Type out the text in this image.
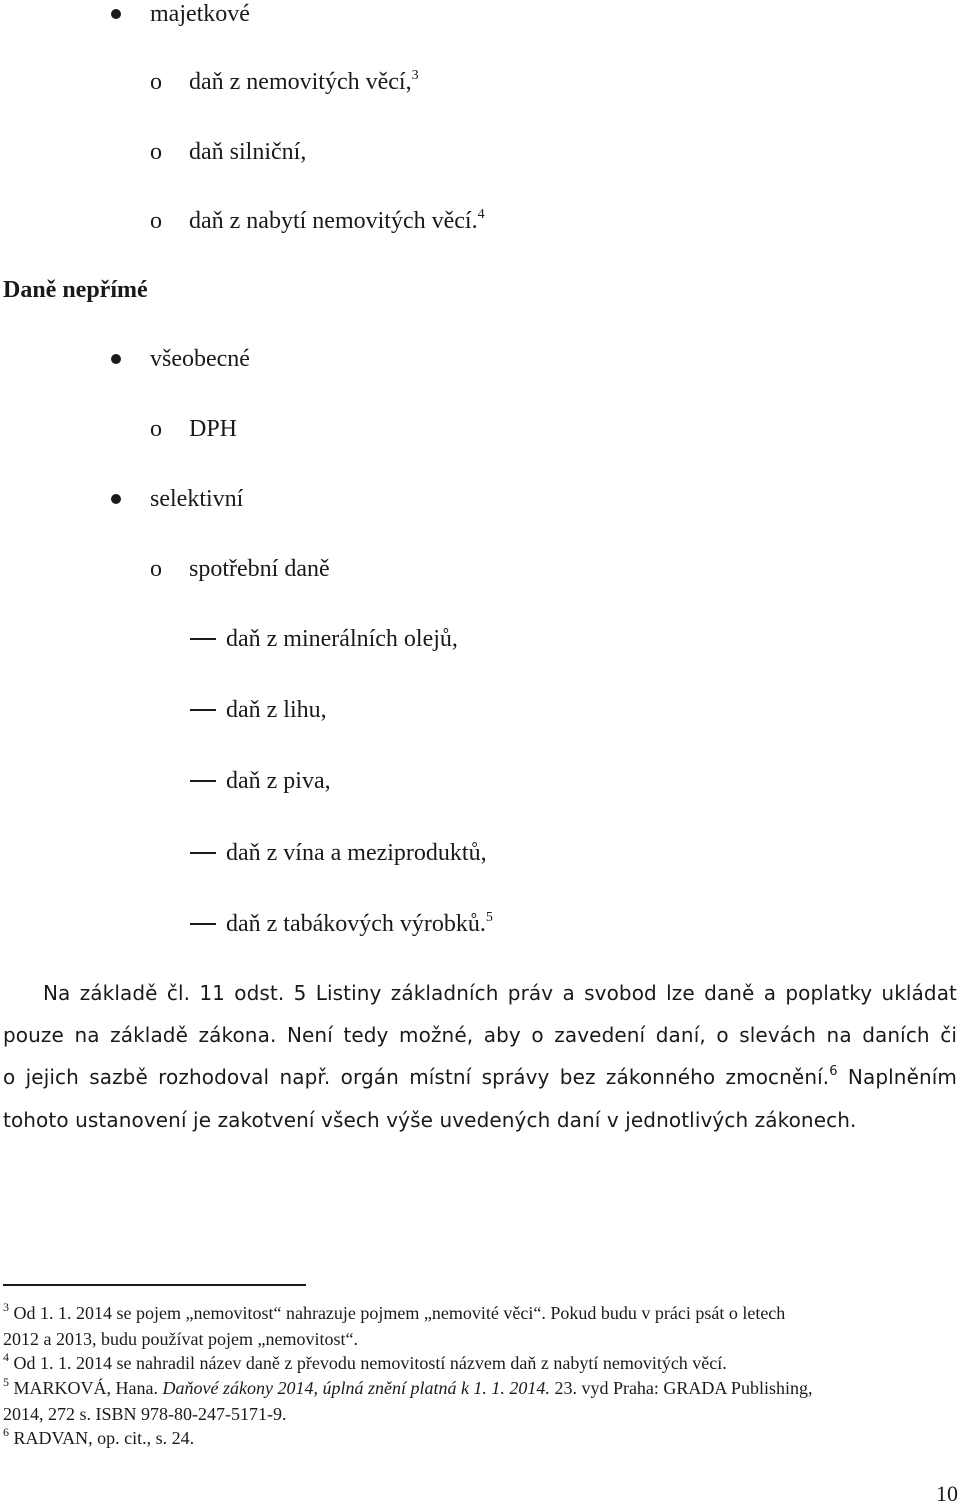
majetkové
o daň z nemovitých věcí,$^3$
o daň silniční,
o daň z nabytí nemovitých věcí.$^4$
Daně nepřímé
všeobecné
o DPH
selektivní
o spotřební daně
daň z minerálních olejů,
daň z lihu,
daň z piva,
daň z vína a meziproduktů,
daň z tabákových výrobků.$^5$
Na základě čl. 11 odst. 5 Listiny základních práv a svobod lze daně a poplatky ukládat
pouze na základě zákona. Není tedy možné, aby o zavedení daní, o slevách na daních či
o jejich sazbě rozhodoval např. orgán místní správy bez zákonného zmocnění.$^6$ Naplněním
tohoto ustanovení je zakotvení všech výše uvedených daní v jednotlivých zákonech.
$^3$ Od 1. 1. 2014 se pojem „nemovitost“ nahrazuje pojmem „nemovité věci“. Pokud budu v práci psát o letech
2012 a 2013, budu používat pojem „nemovitost“.
$^4$ Od 1. 1. 2014 se nahradil název daně z převodu nemovitostí názvem daň z nabytí nemovitých věcí.
$^5$ MARKOVÁ, Hana. Daňové zákony 2014, úplná znění platná k 1. 1. 2014. 23. vyd Praha: GRADA Publishing,
2014, 272 s. ISBN 978-80-247-5171-9.
$^6$ RADVAN, op. cit., s. 24.
10
